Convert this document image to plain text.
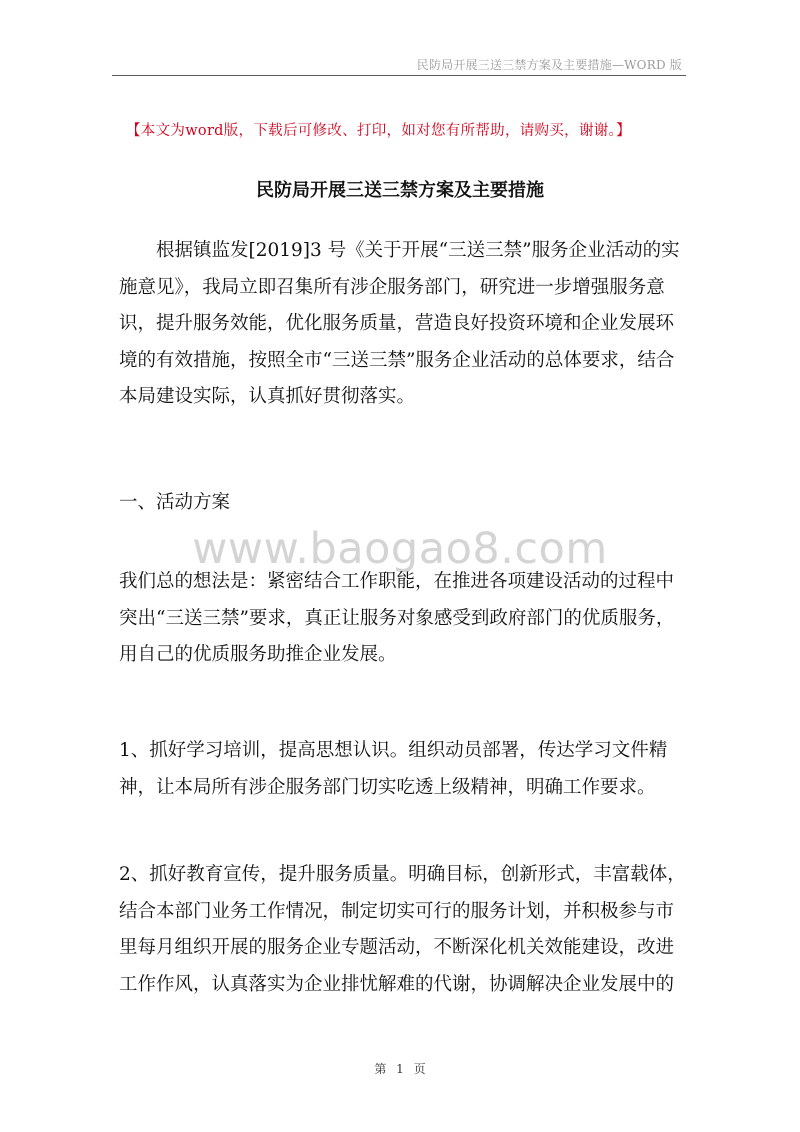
民防局开展三送三禁方案及主要措施—WORD 版
【本文为word版，下载后可修改、打印，如对您有所帮助，请购买，谢谢。】
民防局开展三送三禁方案及主要措施

　　根据镇监发[2019]3 号《关于开展“三送三禁”服务企业活动的实

施意见》，我局立即召集所有涉企服务部门，研究进一步增强服务意

识，提升服务效能，优化服务质量，营造良好投资环境和企业发展环

境的有效措施，按照全市“三送三禁”服务企业活动的总体要求，结合

本局建设实际，认真抓好贯彻落实。

一、活动方案

www.baogao8.com

我们总的想法是：紧密结合工作职能，在推进各项建设活动的过程中

突出“三送三禁”要求，真正让服务对象感受到政府部门的优质服务，

用自己的优质服务助推企业发展。

1、抓好学习培训，提高思想认识。组织动员部署，传达学习文件精

神，让本局所有涉企服务部门切实吃透上级精神，明确工作要求。

2、抓好教育宣传，提升服务质量。明确目标，创新形式，丰富载体，

结合本部门业务工作情况，制定切实可行的服务计划，并积极参与市

里每月组织开展的服务企业专题活动，不断深化机关效能建设，改进

工作作风，认真落实为企业排忧解难的代谢，协调解决企业发展中的

第 1 页
